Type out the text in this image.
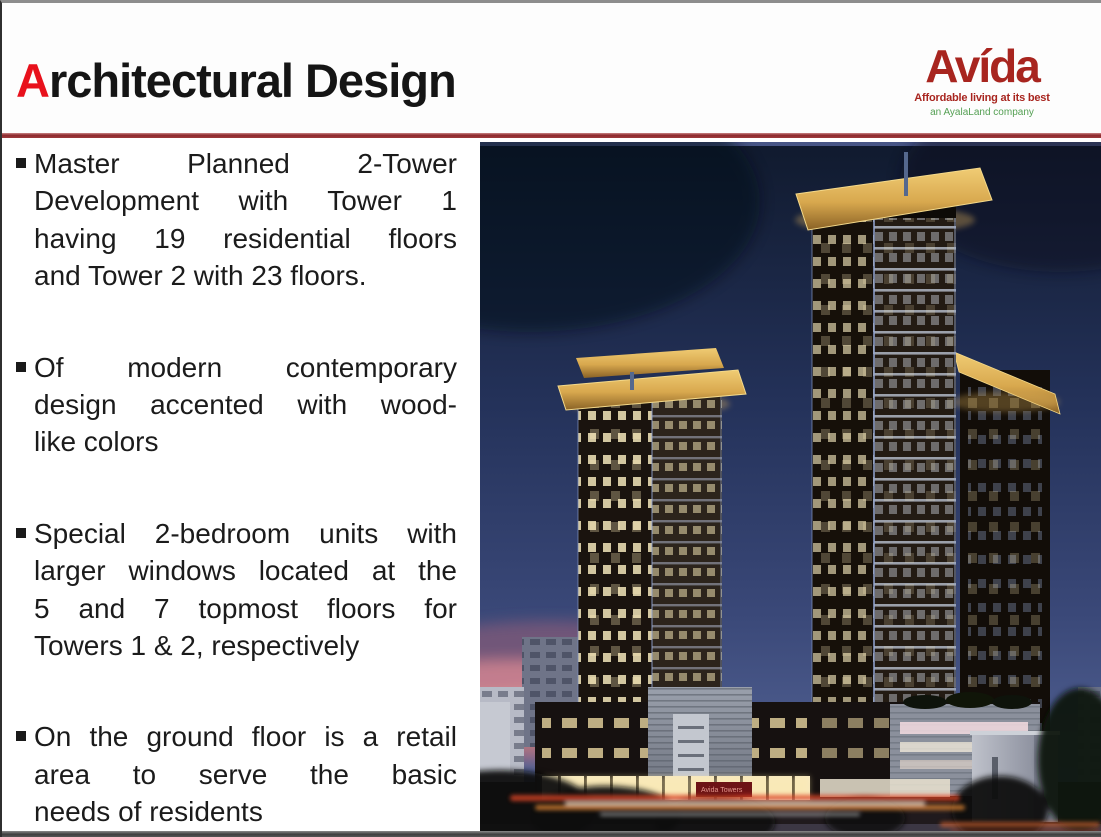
Architectural Design	Avída
Affordable living at its best
an AyalaLand company
Master Planned 2-Tower
Development with Tower 1
having 19 residential floors
and Tower 2 with 23 floors.
Of modern contemporary
design accented with wood-
like colors
Special 2-bedroom units with
larger windows located at the
5 and 7 topmost floors for
Towers 1 & 2, respectively
On the ground floor is a retail
area to serve the basic
needs of residents
Avida Towers
